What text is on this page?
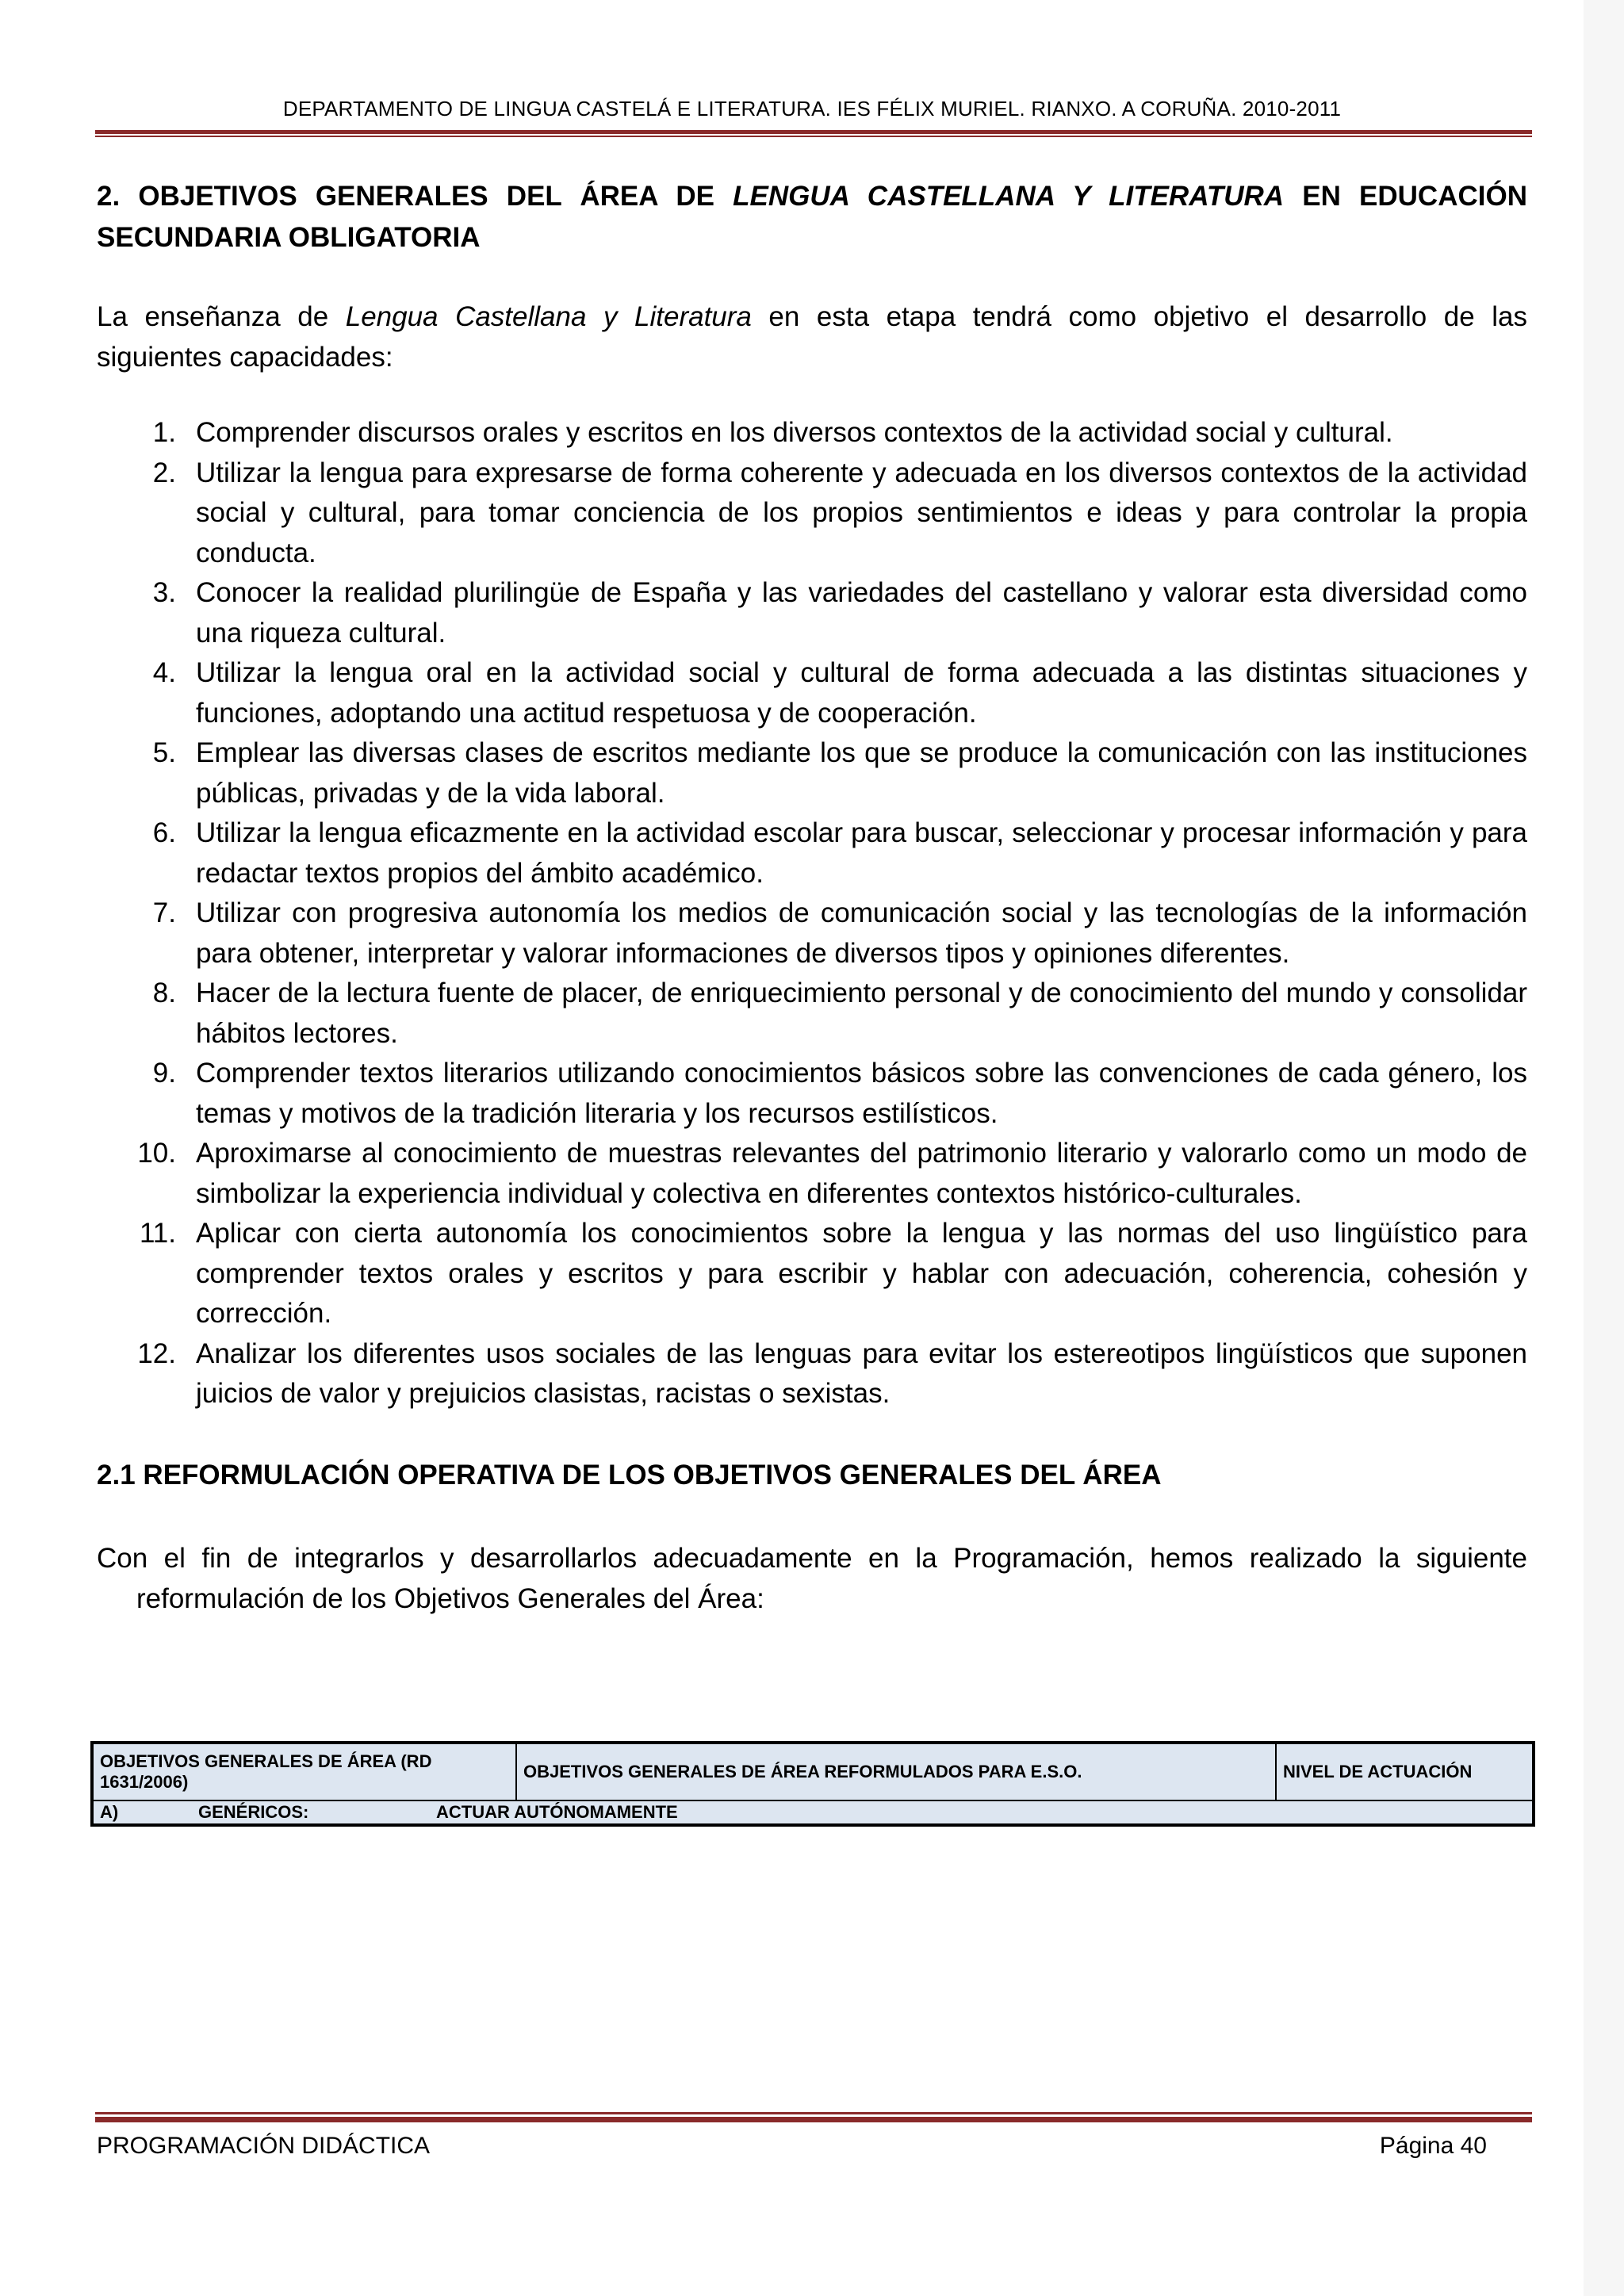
DEPARTAMENTO DE LINGUA CASTELÁ E LITERATURA. IES FÉLIX MURIEL. RIANXO. A CORUÑA. 2010-2011
2. OBJETIVOS GENERALES DEL ÁREA DE LENGUA CASTELLANA Y LITERATURA EN EDUCACIÓN
SECUNDARIA OBLIGATORIA

La enseñanza de Lengua Castellana y Literatura en esta etapa tendrá como objetivo el desarrollo de las
siguientes capacidades:

1. Comprender discursos orales y escritos en los diversos contextos de la actividad social y cultural.
2. Utilizar la lengua para expresarse de forma coherente y adecuada en los diversos contextos de la actividad social y cultural, para tomar conciencia de los propios sentimientos e ideas y para controlar la propia conducta.
3. Conocer la realidad plurilingüe de España y las variedades del castellano y valorar esta diversidad como una riqueza cultural.
4. Utilizar la lengua oral en la actividad social y cultural de forma adecuada a las distintas situaciones y funciones, adoptando una actitud respetuosa y de cooperación.
5. Emplear las diversas clases de escritos mediante los que se produce la comunicación con las instituciones públicas, privadas y de la vida laboral.
6. Utilizar la lengua eficazmente en la actividad escolar para buscar, seleccionar y procesar información y para redactar textos propios del ámbito académico.
7. Utilizar con progresiva autonomía los medios de comunicación social y las tecnologías de la información para obtener, interpretar y valorar informaciones de diversos tipos y opiniones diferentes.
8. Hacer de la lectura fuente de placer, de enriquecimiento personal y de conocimiento del mundo y consolidar hábitos lectores.
9. Comprender textos literarios utilizando conocimientos básicos sobre las convenciones de cada género, los temas y motivos de la tradición literaria y los recursos estilísticos.
10. Aproximarse al conocimiento de muestras relevantes del patrimonio literario y valorarlo como un modo de simbolizar la experiencia individual y colectiva en diferentes contextos histórico-culturales.
11. Aplicar con cierta autonomía los conocimientos sobre la lengua y las normas del uso lingüístico para comprender textos orales y escritos y para escribir y hablar con adecuación, coherencia, cohesión y corrección.
12. Analizar los diferentes usos sociales de las lenguas para evitar los estereotipos lingüísticos que suponen juicios de valor y prejuicios clasistas, racistas o sexistas.
2.1 REFORMULACIÓN OPERATIVA DE LOS OBJETIVOS GENERALES DEL ÁREA

Con el fin de integrarlos y desarrollarlos adecuadamente en la Programación, hemos realizado la siguiente
reformulación de los Objetivos Generales del Área:

OBJETIVOS GENERALES DE ÁREA (RD 1631/2006)	OBJETIVOS GENERALES DE ÁREA REFORMULADOS PARA E.S.O.	NIVEL DE ACTUACIÓN
A)	GENÉRICOS:	ACTUAR AUTÓNOMAMENTE
PROGRAMACIÓN DIDÁCTICA	Página 40
